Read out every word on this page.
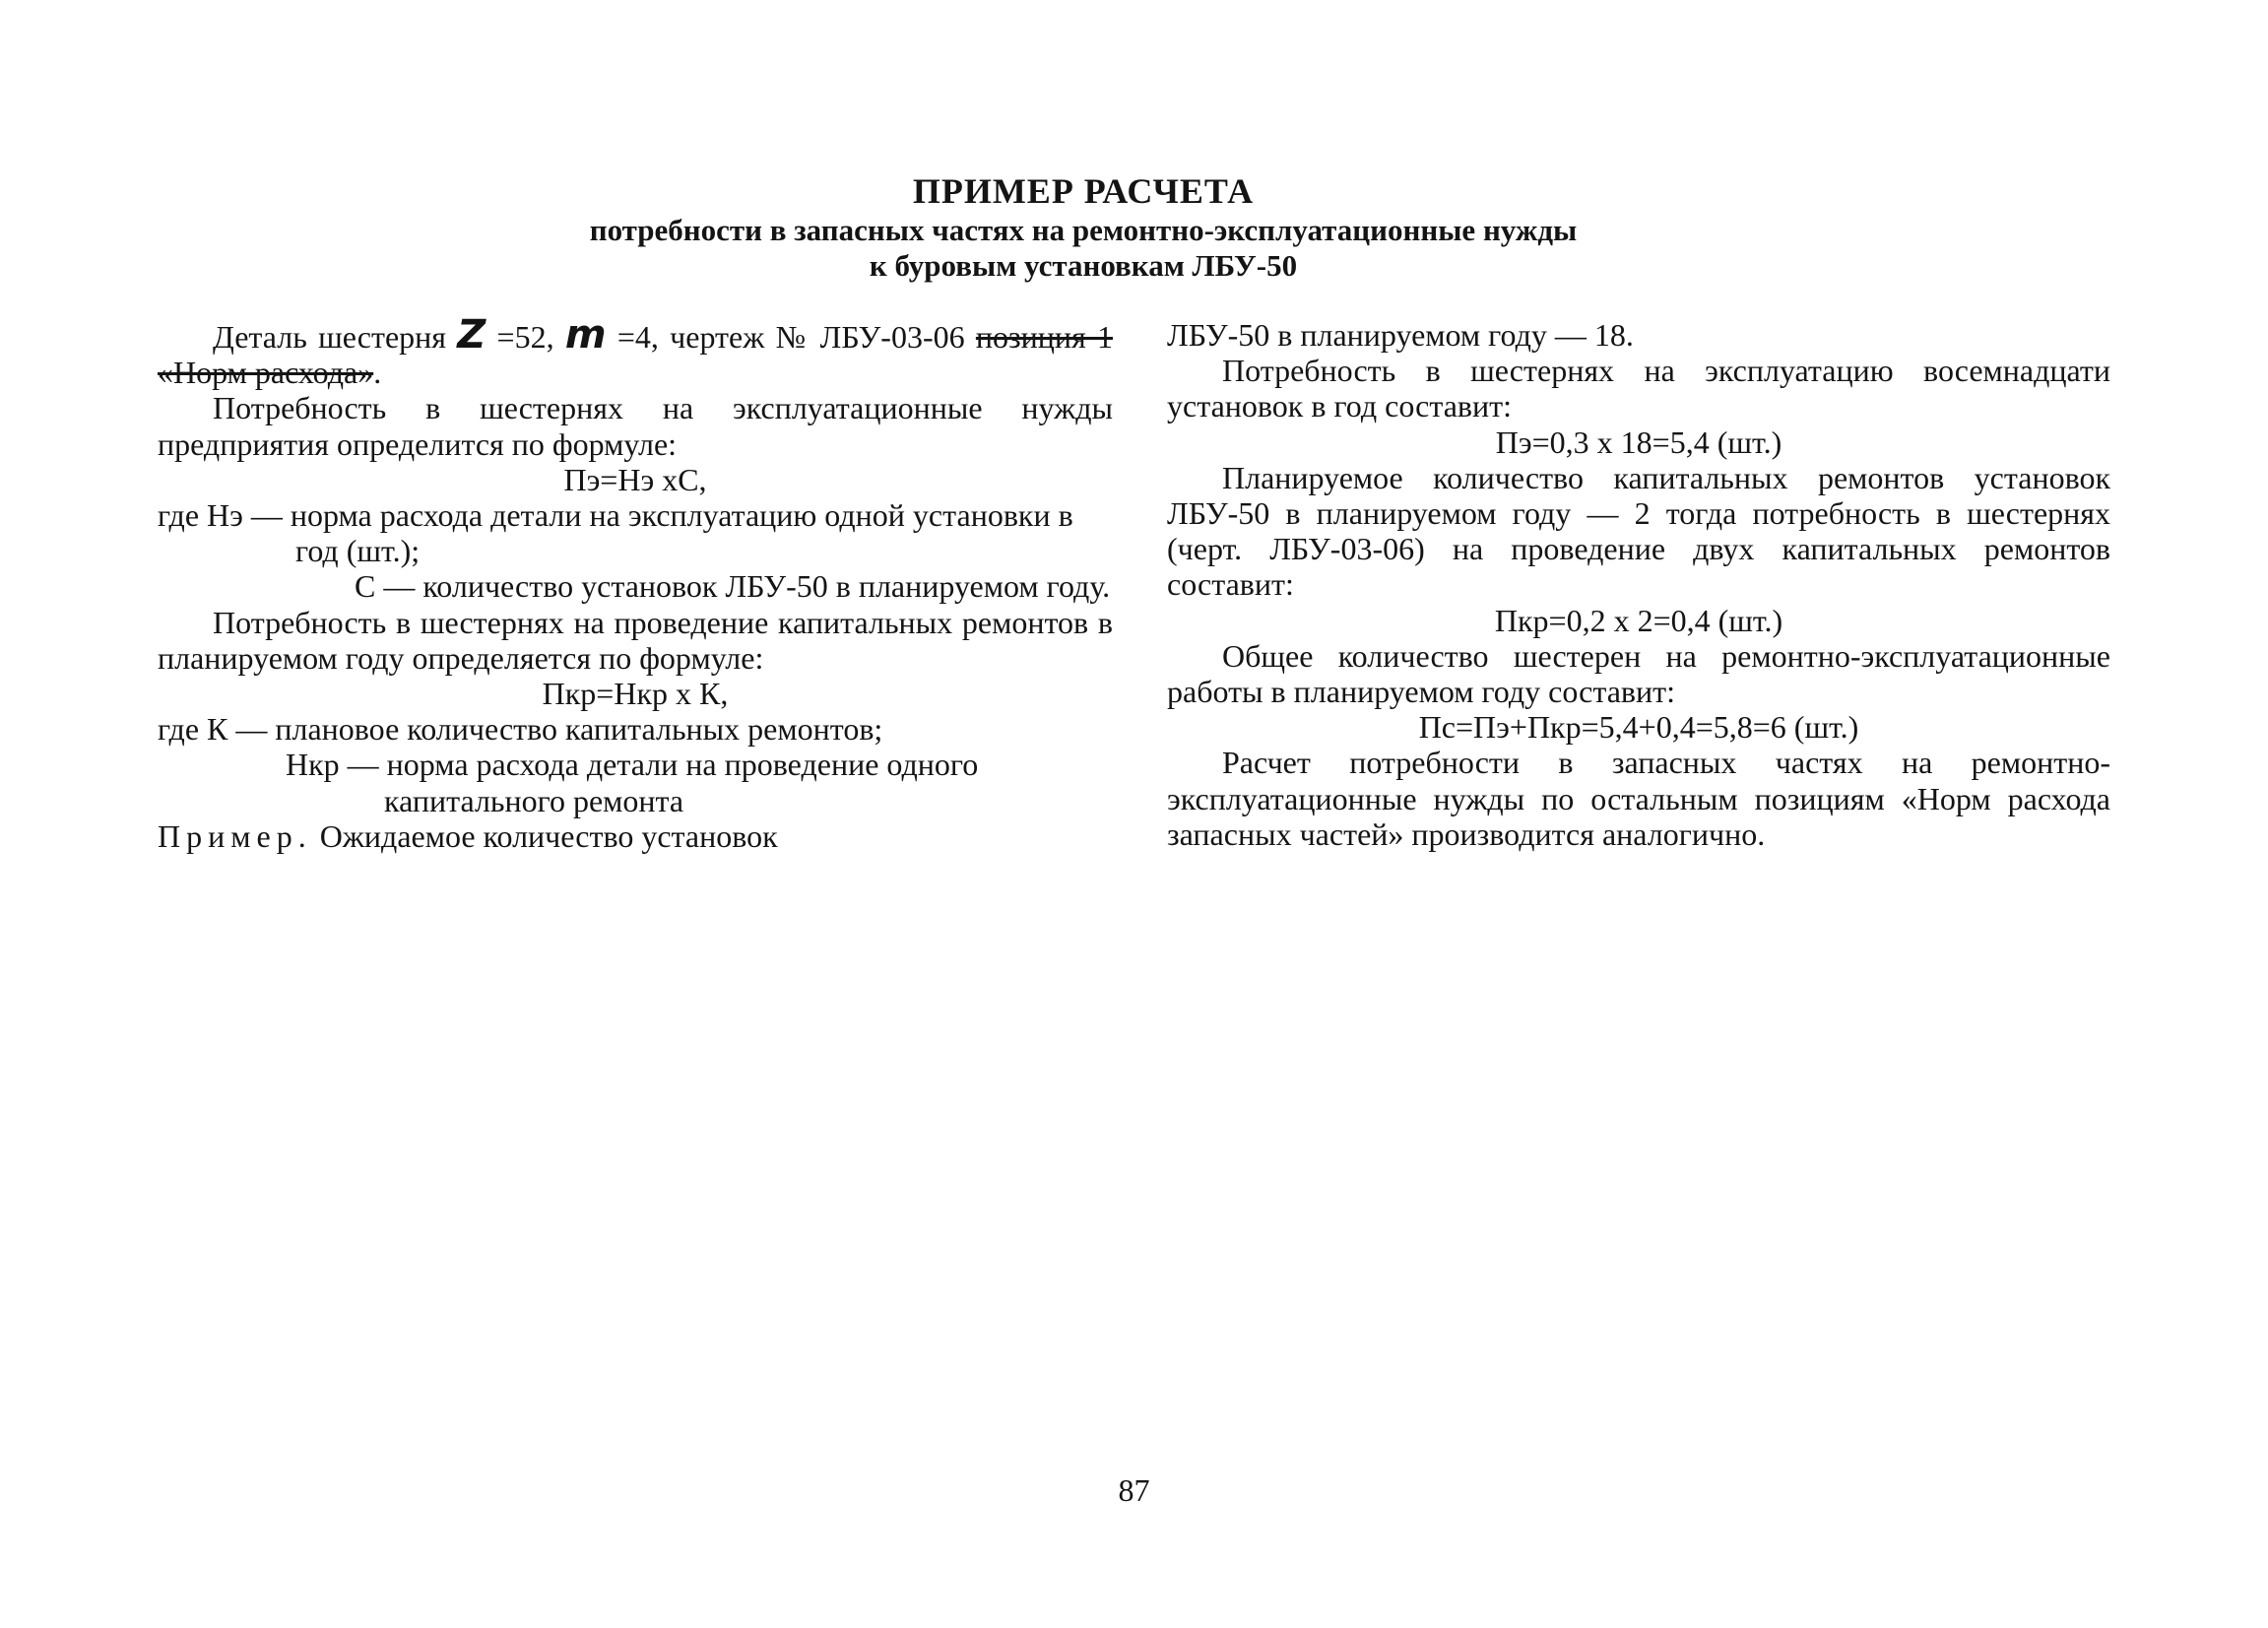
ПРИМЕР РАСЧЕТА
потребности в запасных частях на ремонтно-эксплуатационные нужды
к буровым установкам ЛБУ-50

Деталь шестерня Z =52, m =4, чертеж № ЛБУ-03-06 позиция 1 «Норм расхода».

Потребность в шестернях на эксплуатационные нужды предприятия определится по формуле:

Пэ=Нэ хС,

где Нэ — норма расхода детали на эксплуатацию одной установки в год (шт.);

С — количество установок ЛБУ-50 в планируемом году.

Потребность в шестернях на проведение капитальных ремонтов в планируемом году определяется по формуле:

Пкр=Нкр х К,

где К — плановое количество капитальных ремонтов;

Нкр — норма расхода детали на проведение одного капитального ремонта

Пример. Ожидаемое количество установок

ЛБУ-50 в планируемом году — 18.

Потребность в шестернях на эксплуатацию восемнадцати установок в год составит:

Пэ=0,3 х 18=5,4 (шт.)

Планируемое количество капитальных ремонтов установок ЛБУ-50 в планируемом году — 2 тогда потребность в шестернях (черт. ЛБУ-03-06) на проведение двух капитальных ремонтов составит:

Пкр=0,2 х 2=0,4 (шт.)

Общее количество шестерен на ремонтно-эксплуатационные работы в планируемом году составит:

Пс=Пэ+Пкр=5,4+0,4=5,8=6 (шт.)

Расчет потребности в запасных частях на ремонтно-эксплуатационные нужды по остальным позициям «Норм расхода запасных частей» производится аналогично.

87
